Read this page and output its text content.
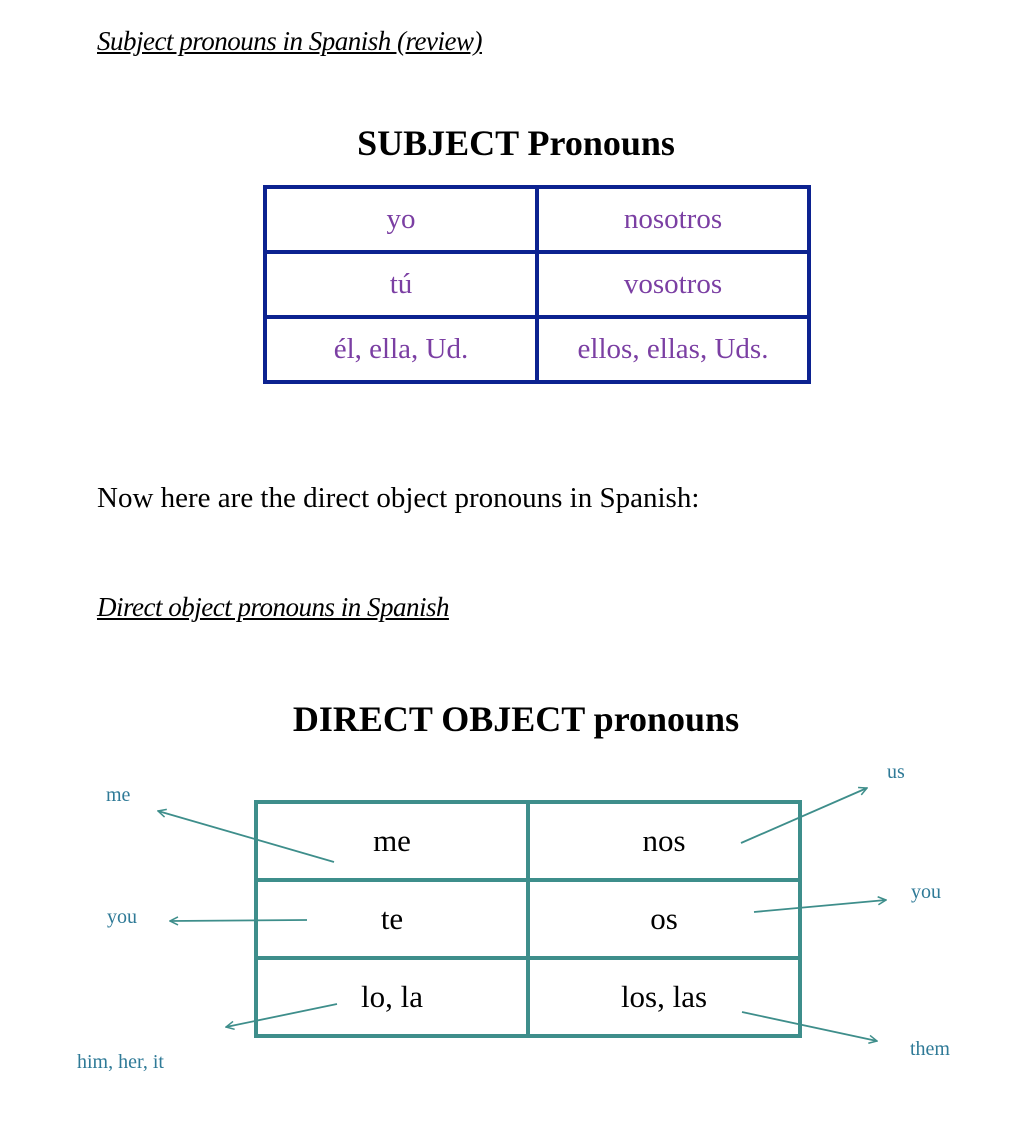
Subject pronouns in Spanish (review)
SUBJECT Pronouns
yo	nosotros
tú	vosotros
él, ella, Ud.	ellos, ellas, Uds.
Now here are the direct object pronouns in Spanish:
Direct object pronouns in Spanish
DIRECT OBJECT pronouns
me	nos
te	os
lo, la	los, las
me
you
him, her, it
us
you
them
